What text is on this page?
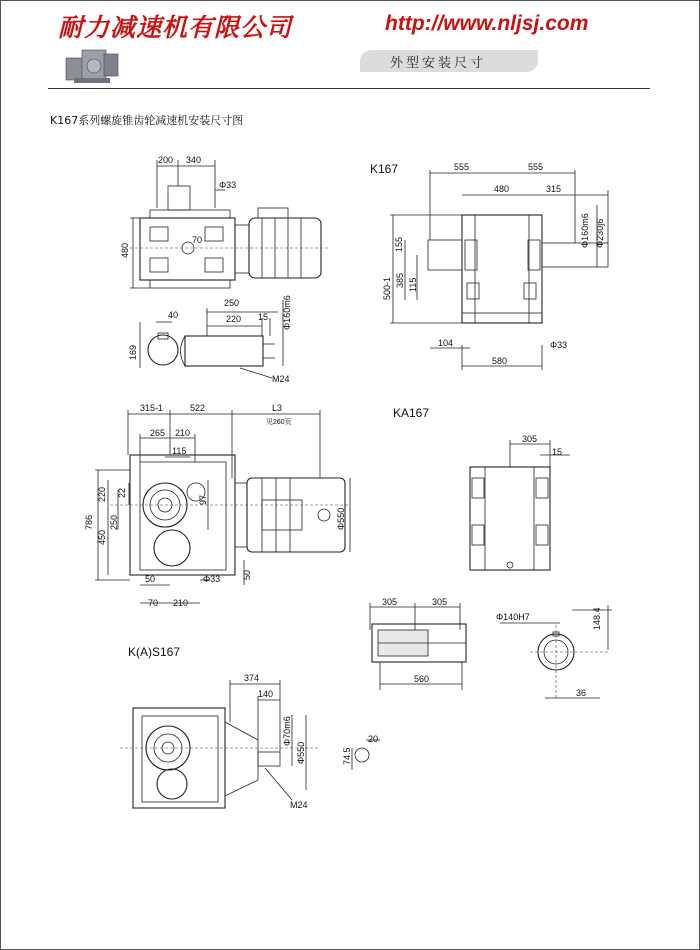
耐力减速机有限公司	http://www.nljsj.com
外型安装尺寸
K167系列螺旋锥齿轮减速机安装尺寸图
K167
KA167
K(A)S167
200 340
Φ33
480
70
250
40	220 15 Φ160m6
169
M24
555	555
480	315
Φ160m6 Φ230j6
155
385 115
500-1
104	Φ33
580
315-1	522	L3
见260页
265 210
115
220 22
97
786 250
450
Φ550
50	Φ33 50
70 210
305
15
305	305
560
Φ140H7	148.4
36
374
140
Φ70m6
Φ550	74.5
20
M24
